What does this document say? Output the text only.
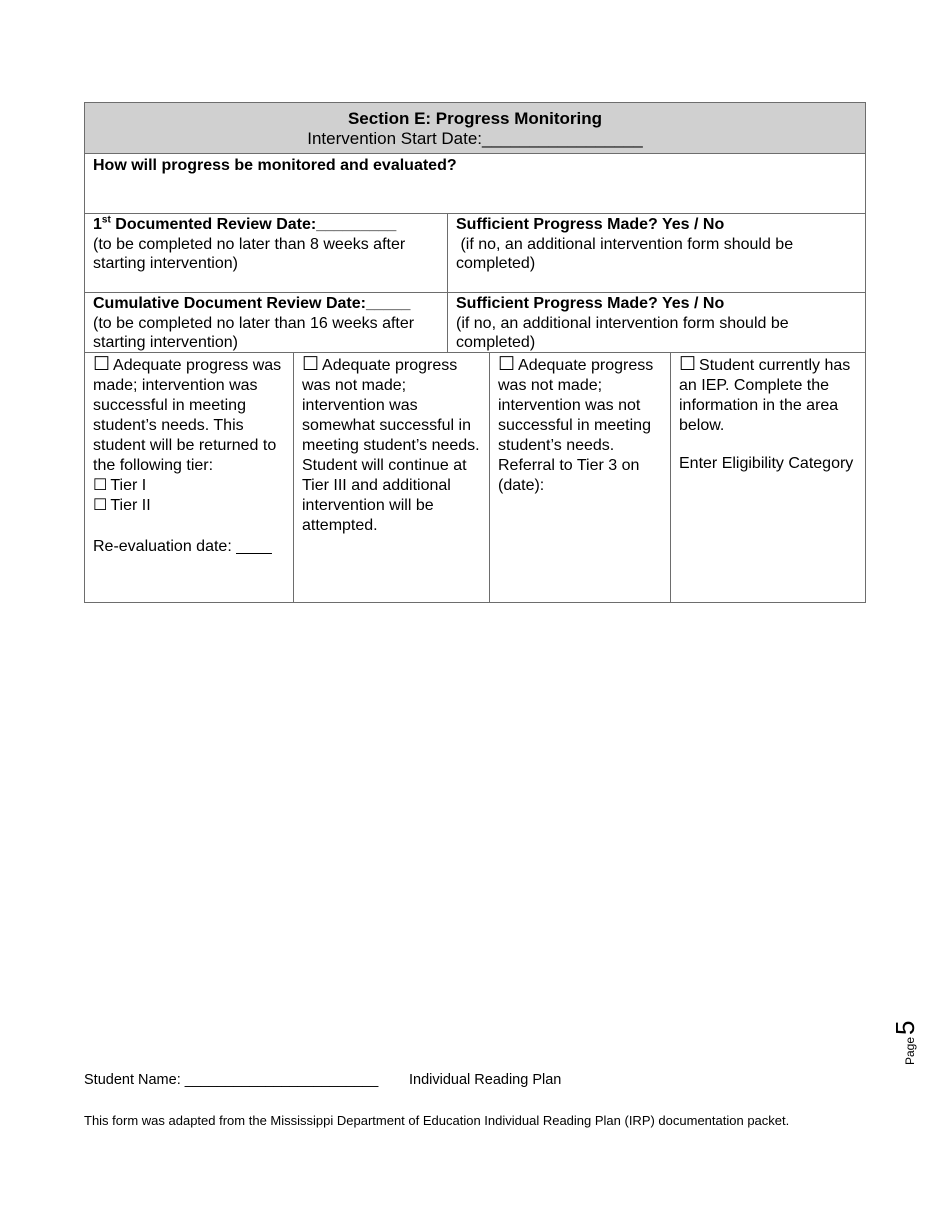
Section E: Progress Monitoring
Intervention Start Date:_________________
How will progress be monitored and evaluated?
1st Documented Review Date:_________
(to be completed no later than 8 weeks after starting intervention)
Sufficient Progress Made? Yes / No
(if no, an additional intervention form should be completed)
Cumulative Document Review Date:_____
(to be completed no later than 16 weeks after starting intervention)
Sufficient Progress Made? Yes / No
(if no, an additional intervention form should be completed)
☐ Adequate progress was made; intervention was successful in meeting student’s needs. This student will be returned to the following tier:
☐ Tier I
☐ Tier II
Re-evaluation date: ____
☐ Adequate progress was not made; intervention was somewhat successful in meeting student’s needs. Student will continue at Tier III and additional intervention will be attempted.
☐ Adequate progress was not made; intervention was not successful in meeting student’s needs. Referral to Tier 3 on (date):
☐ Student currently has an IEP. Complete the information in the area below.
Enter Eligibility Category
Page
5
Student Name: ________________________ Individual Reading Plan
This form was adapted from the Mississippi Department of Education Individual Reading Plan (IRP) documentation packet.
